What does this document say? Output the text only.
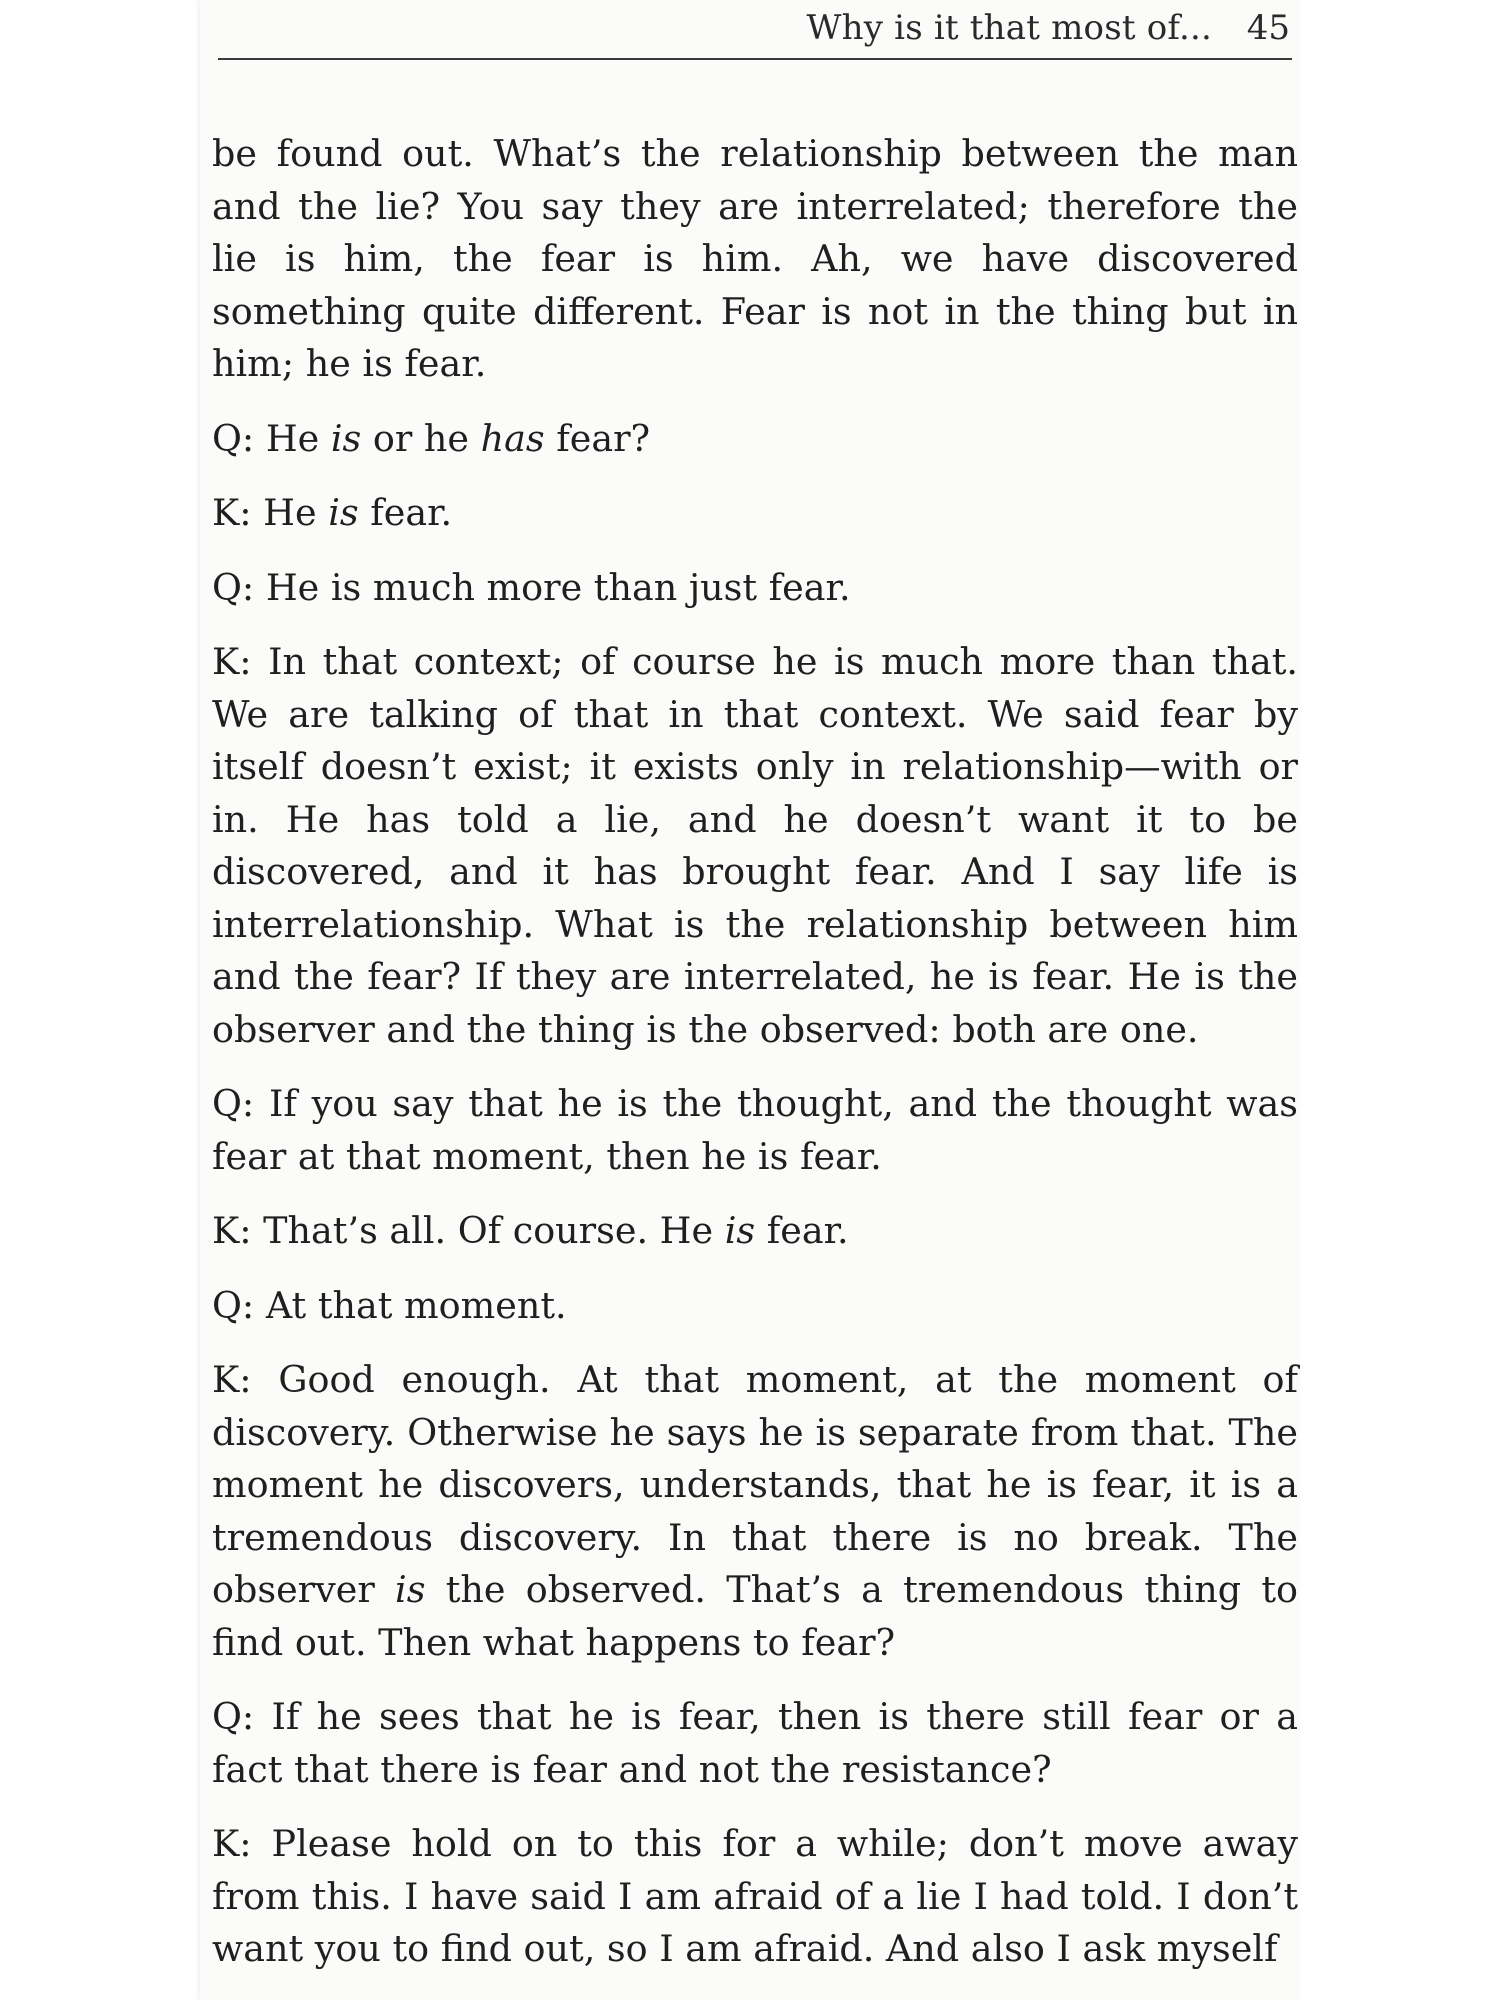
Why is it that most of... 45

be found out. What’s the relationship between the man and the lie? You say they are interrelated; therefore the lie is him, the fear is him. Ah, we have discovered something quite different. Fear is not in the thing but in him; he is fear.

Q: He is or he has fear?

K: He is fear.

Q: He is much more than just fear.

K: In that context; of course he is much more than that. We are talking of that in that context. We said fear by itself doesn’t exist; it exists only in relationship—with or in. He has told a lie, and he doesn’t want it to be discovered, and it has brought fear. And I say life is interrelationship. What is the relationship between him and the fear? If they are interrelated, he is fear. He is the observer and the thing is the observed: both are one.

Q: If you say that he is the thought, and the thought was fear at that moment, then he is fear.

K: That’s all. Of course. He is fear.

Q: At that moment.

K: Good enough. At that moment, at the moment of discovery. Otherwise he says he is separate from that. The moment he discovers, understands, that he is fear, it is a tremendous discovery. In that there is no break. The observer is the observed. That’s a tremendous thing to find out. Then what happens to fear?

Q: If he sees that he is fear, then is there still fear or a fact that there is fear and not the resistance?

K: Please hold on to this for a while; don’t move away from this. I have said I am afraid of a lie I had told. I don’t want you to find out, so I am afraid. And also I ask myself
